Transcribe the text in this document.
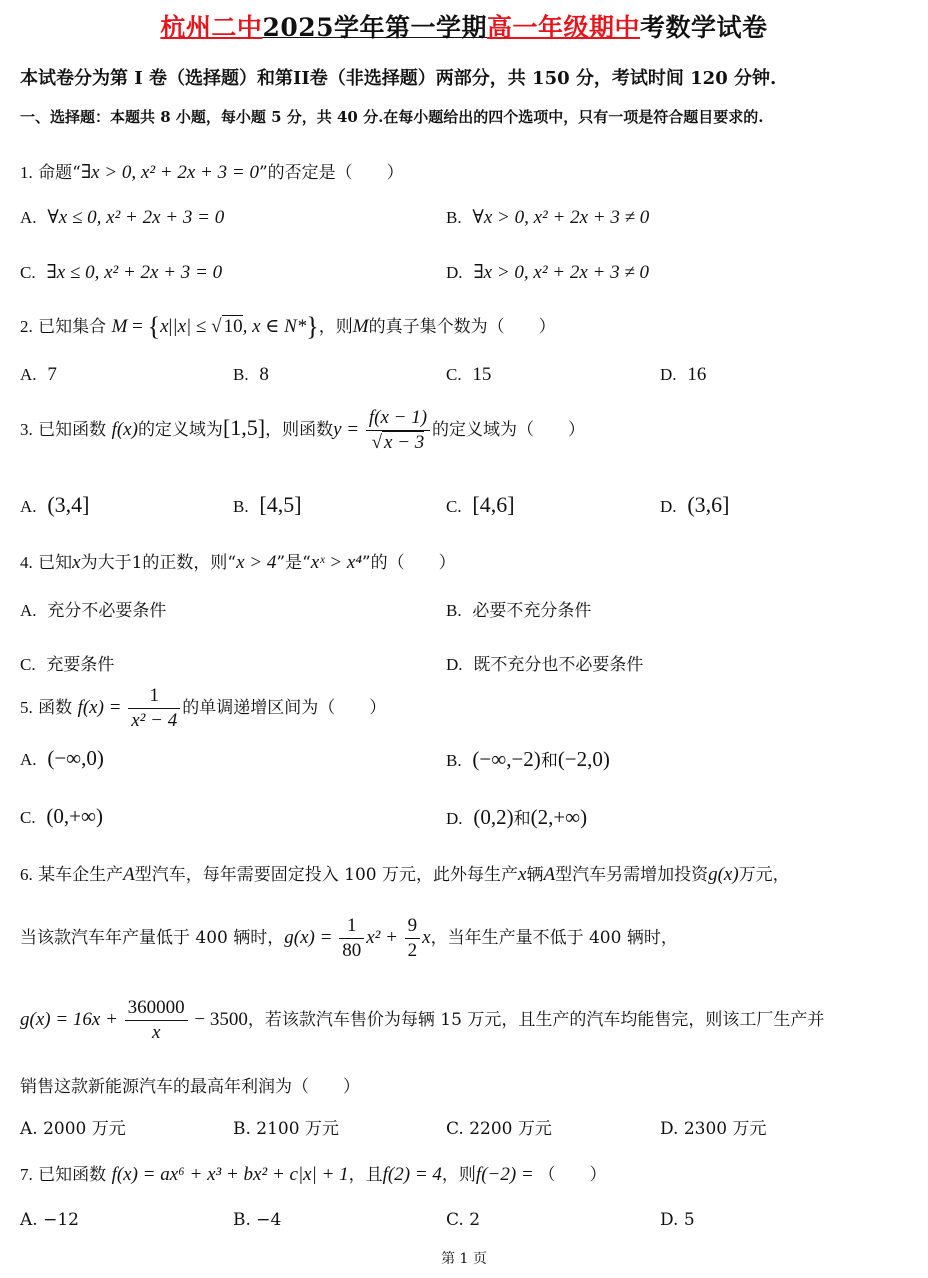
杭州二中2025学年第一学期高一年级期中考数学试卷
本试卷分为第 I 卷（选择题）和第II卷（非选择题）两部分，共 150 分，考试时间 120 分钟.
一、选择题：本题共 8 小题，每小题 5 分，共 40 分.在每小题给出的四个选项中，只有一项是符合题目要求的.
1. 命题“∃x > 0, x² + 2x + 3 = 0”的否定是（　　）
A. ∀x ≤ 0, x² + 2x + 3 = 0	B. ∀x > 0, x² + 2x + 3 ≠ 0
C. ∃x ≤ 0, x² + 2x + 3 = 0	D. ∃x > 0, x² + 2x + 3 ≠ 0
2. 已知集合 M = {x||x| ≤ √ 10, x ∈ N*}，则M的真子集个数为（　　）
A. 7	B. 8	C. 15	D. 16
3. 已知函数 f(x)的定义域为[1,5]，则函数$y = \frac{f(x - 1)}{√ x - 3}$ 的定义域为（　　）
A. (3,4]	B. [4,5]	C. [4,6]	D. (3,6]
4. 已知x为大于1的正数，则“x > 4”是“xˣ > x⁴”的（　　）
A. 充分不必要条件	B. 必要不充分条件
C. 充要条件	D. 既不充分也不必要条件
5. 函数 $f(x) = \frac{1}{\text{x² − 4}}$ 的单调递增区间为（　　）
A. (−∞,0)	B. (−∞,−2)和(−2,0)
C. (0,+∞)	D. (0,2)和(2,+∞)
6. 某车企生产A型汽车，每年需要固定投入 100 万元，此外每生产x辆A型汽车另需增加投资g(x)万元，
当该款汽车年产量低于 400 辆时，$g(x) = \frac{1}{80} x^2 + \frac{9}{2}$ x，当年生产量不低于 400 辆时，
$g(x) = 16x + \frac{360000}{x} - 3500$，若该款汽车售价为每辆 15 万元，且生产的汽车均能售完，则该工厂生产并
销售这款新能源汽车的最高年利润为（　　）
A. 2000 万元	B. 2100 万元	C. 2200 万元	D. 2300 万元
7. 已知函数 f(x) = ax⁶ + x³ + bx² + c|x| + 1，且f(2) = 4，则f(−2) = （　　）
A. −12	B. −4	C. 2	D. 5
第 1 页
